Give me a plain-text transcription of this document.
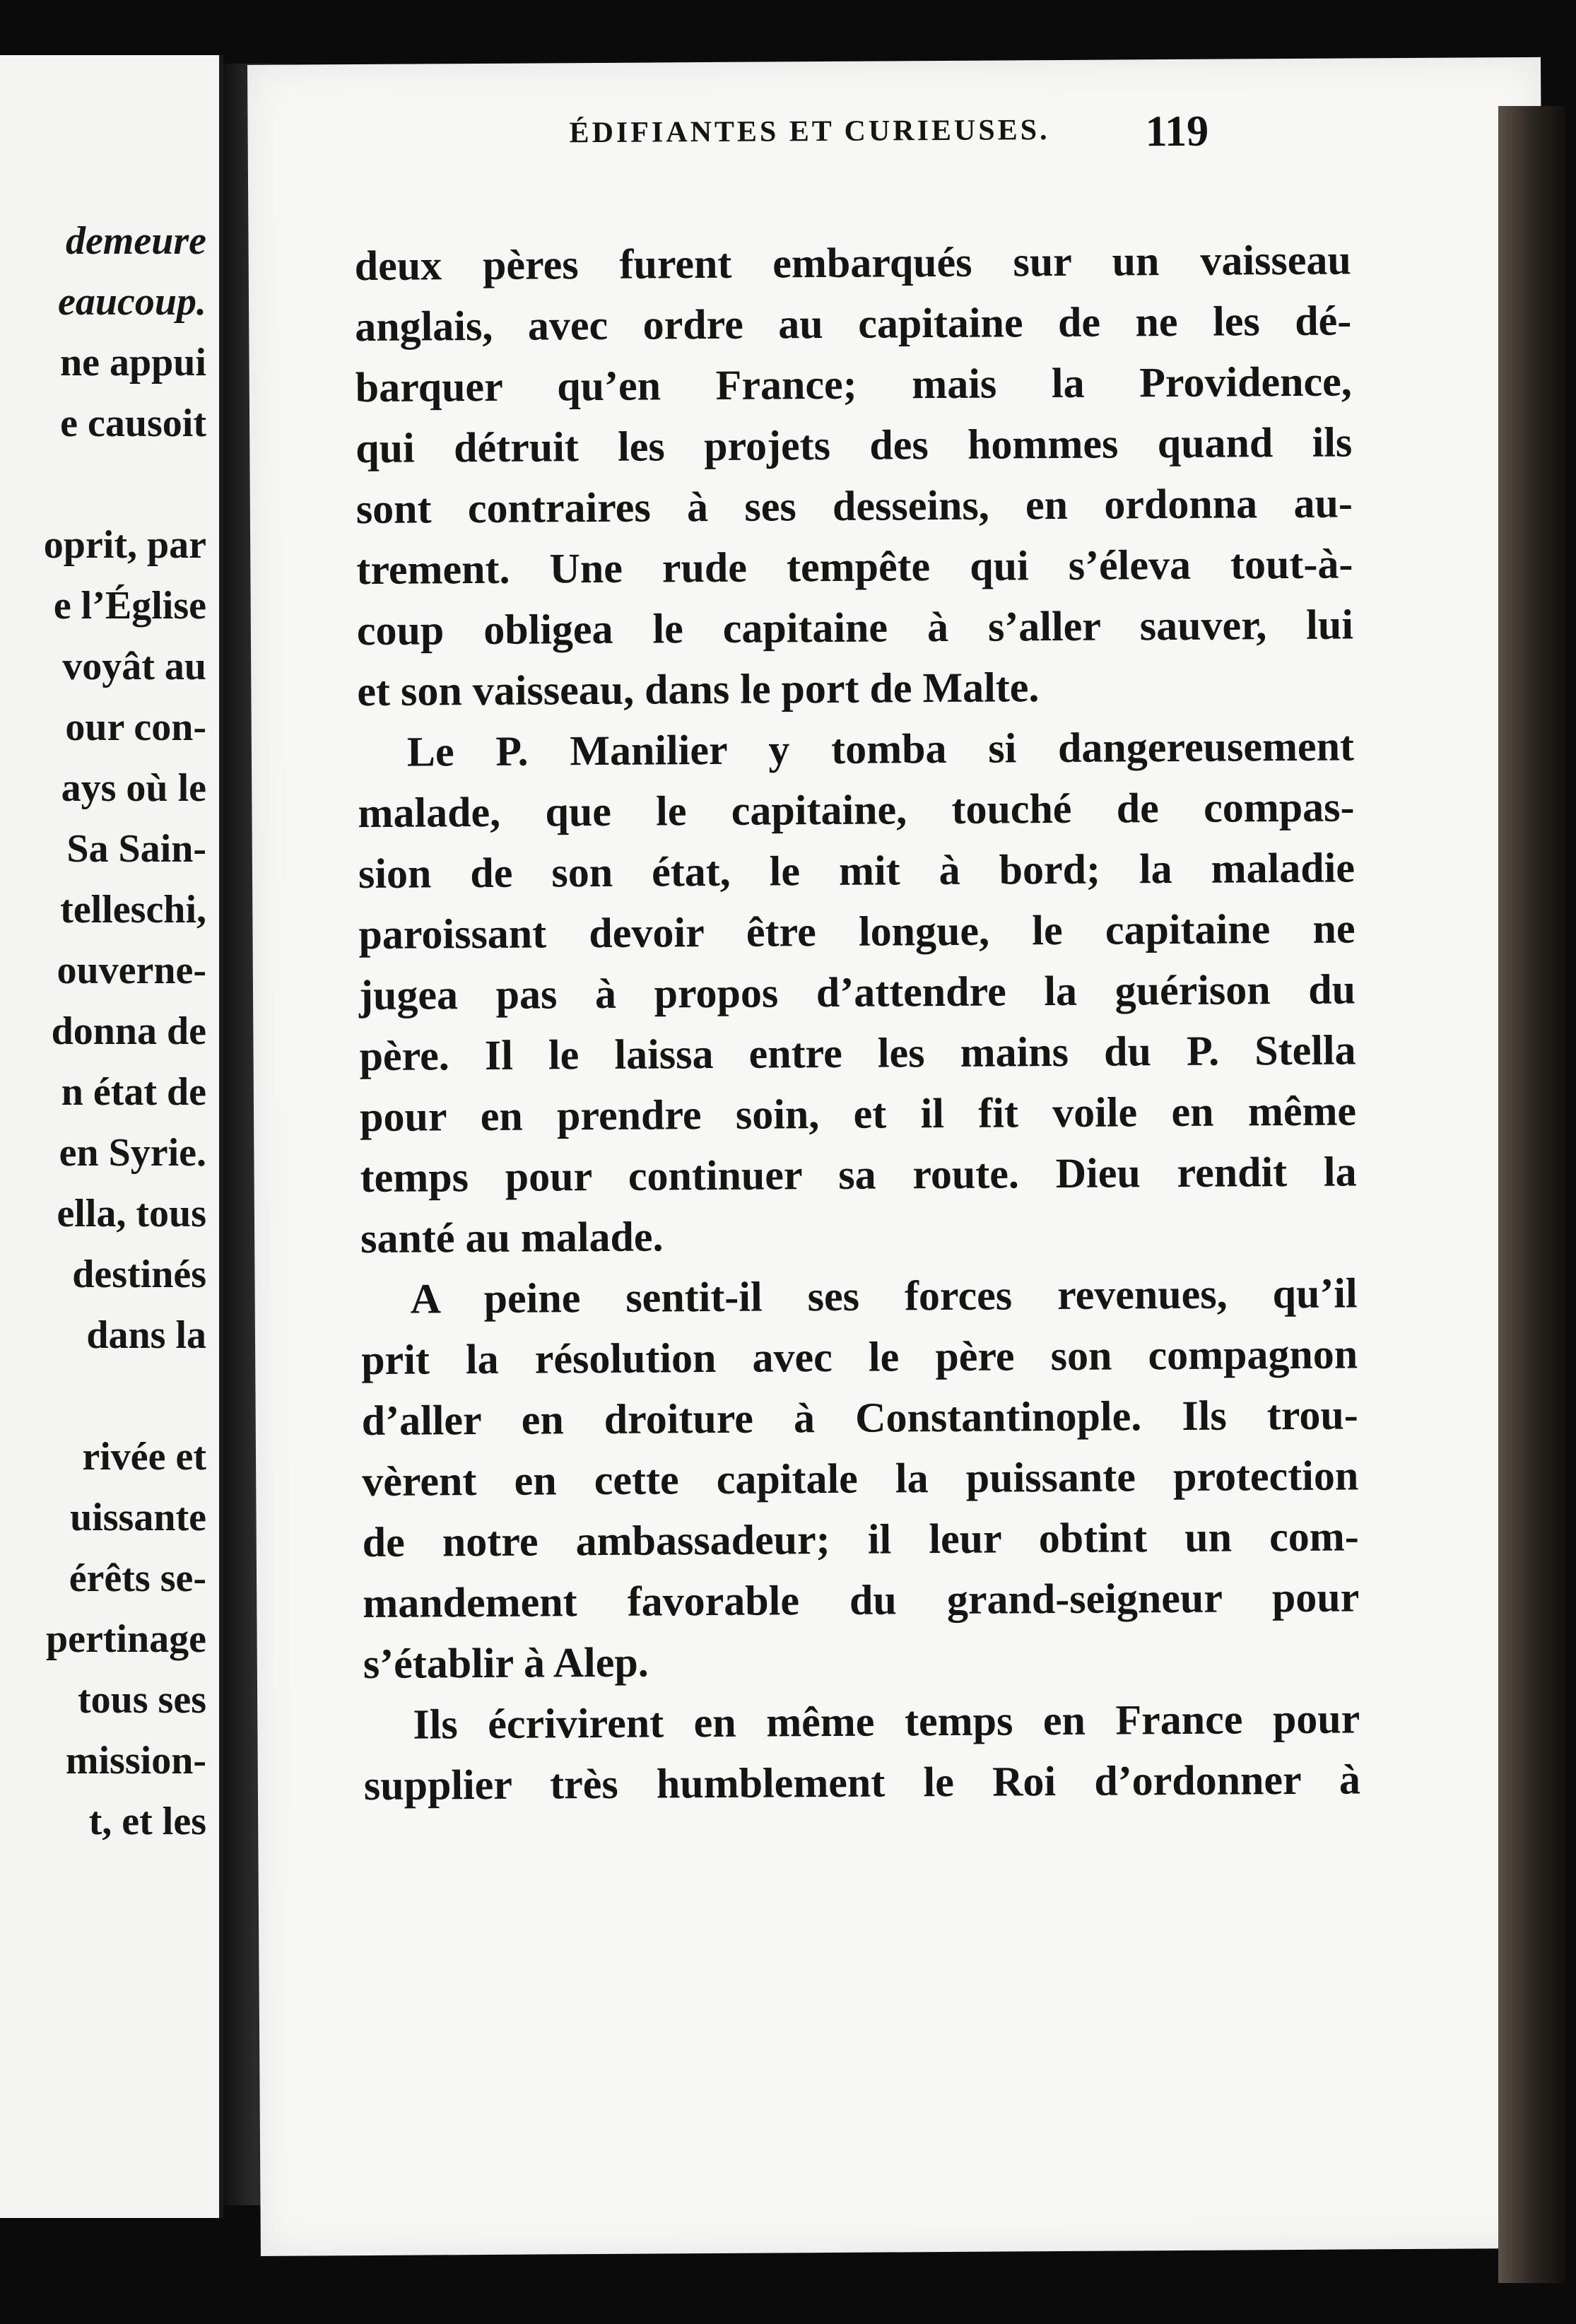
demeure
eaucoup.
ne appui
e causoit
oprit, par
e l’Église
voyât au
our con-
ays où le
Sa Sain-
telleschi,
ouverne-
donna de
n état de
en Syrie.
ella, tous
destinés
dans la
rivée et
uissante
érêts se-
pertinage
tous ses
mission-
t, et les
ÉDIFIANTES ET CURIEUSES. 119
deux pères furent embarqués sur un vaisseau
anglais, avec ordre au capitaine de ne les dé-
barquer qu’en France; mais la Providence,
qui détruit les projets des hommes quand ils
sont contraires à ses desseins, en ordonna au-
trement. Une rude tempête qui s’éleva tout-à-
coup obligea le capitaine à s’aller sauver, lui
et son vaisseau, dans le port de Malte.
Le P. Manilier y tomba si dangereusement
malade, que le capitaine, touché de compas-
sion de son état, le mit à bord; la maladie
paroissant devoir être longue, le capitaine ne
jugea pas à propos d’attendre la guérison du
père. Il le laissa entre les mains du P. Stella
pour en prendre soin, et il fit voile en même
temps pour continuer sa route. Dieu rendit la
santé au malade.
A peine sentit-il ses forces revenues, qu’il
prit la résolution avec le père son compagnon
d’aller en droiture à Constantinople. Ils trou-
vèrent en cette capitale la puissante protection
de notre ambassadeur; il leur obtint un com-
mandement favorable du grand-seigneur pour
s’établir à Alep.
Ils écrivirent en même temps en France pour
supplier très humblement le Roi d’ordonner à
